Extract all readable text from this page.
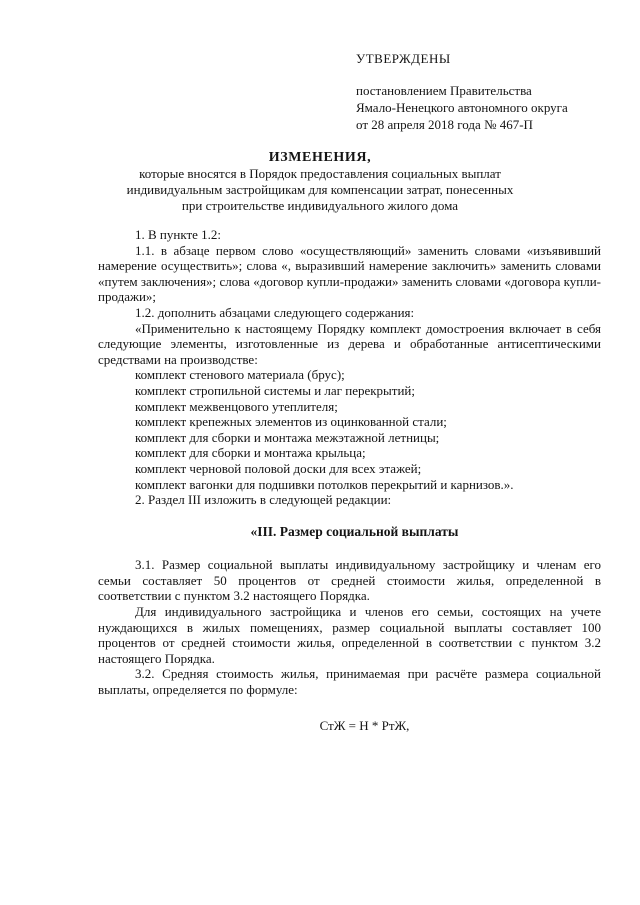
УТВЕРЖДЕНЫ
постановлением Правительства
Ямало-Ненецкого автономного округа
от 28 апреля 2018 года № 467-П
ИЗМЕНЕНИЯ,
которые вносятся в Порядок предоставления социальных выплат
индивидуальным застройщикам для компенсации затрат, понесенных
при строительстве индивидуального жилого дома

1. В пункте 1.2:

1.1. в абзаце первом слово «осуществляющий» заменить словами «изъявивший намерение осуществить»; слова «, выразивший намерение заключить» заменить словами «путем заключения»; слова «договор купли-продажи» заменить словами «договора купли-продажи»;

1.2. дополнить абзацами следующего содержания:

«Применительно к настоящему Порядку комплект домостроения включает в себя следующие элементы, изготовленные из дерева и обработанные антисептическими средствами на производстве:

комплект стенового материала (брус);

комплект стропильной системы и лаг перекрытий;

комплект межвенцового утеплителя;

комплект крепежных элементов из оцинкованной стали;

комплект для сборки и монтажа межэтажной летницы;

комплект для сборки и монтажа крыльца;

комплект черновой половой доски для всех этажей;

комплект вагонки для подшивки потолков перекрытий и карнизов.».

2. Раздел III изложить в следующей редакции:

«III. Размер социальной выплаты

3.1. Размер социальной выплаты индивидуальному застройщику и членам его семьи составляет 50 процентов от средней стоимости жилья, определенной в соответствии с пунктом 3.2 настоящего Порядка.

Для индивидуального застройщика и членов его семьи, состоящих на учете нуждающихся в жилых помещениях, размер социальной выплаты составляет 100 процентов от средней стоимости жилья, определенной в соответствии с пунктом 3.2 настоящего Порядка.

3.2. Средняя стоимость жилья, принимаемая при расчёте размера социальной выплаты, определяется по формуле:

СтЖ = Н * РтЖ,
